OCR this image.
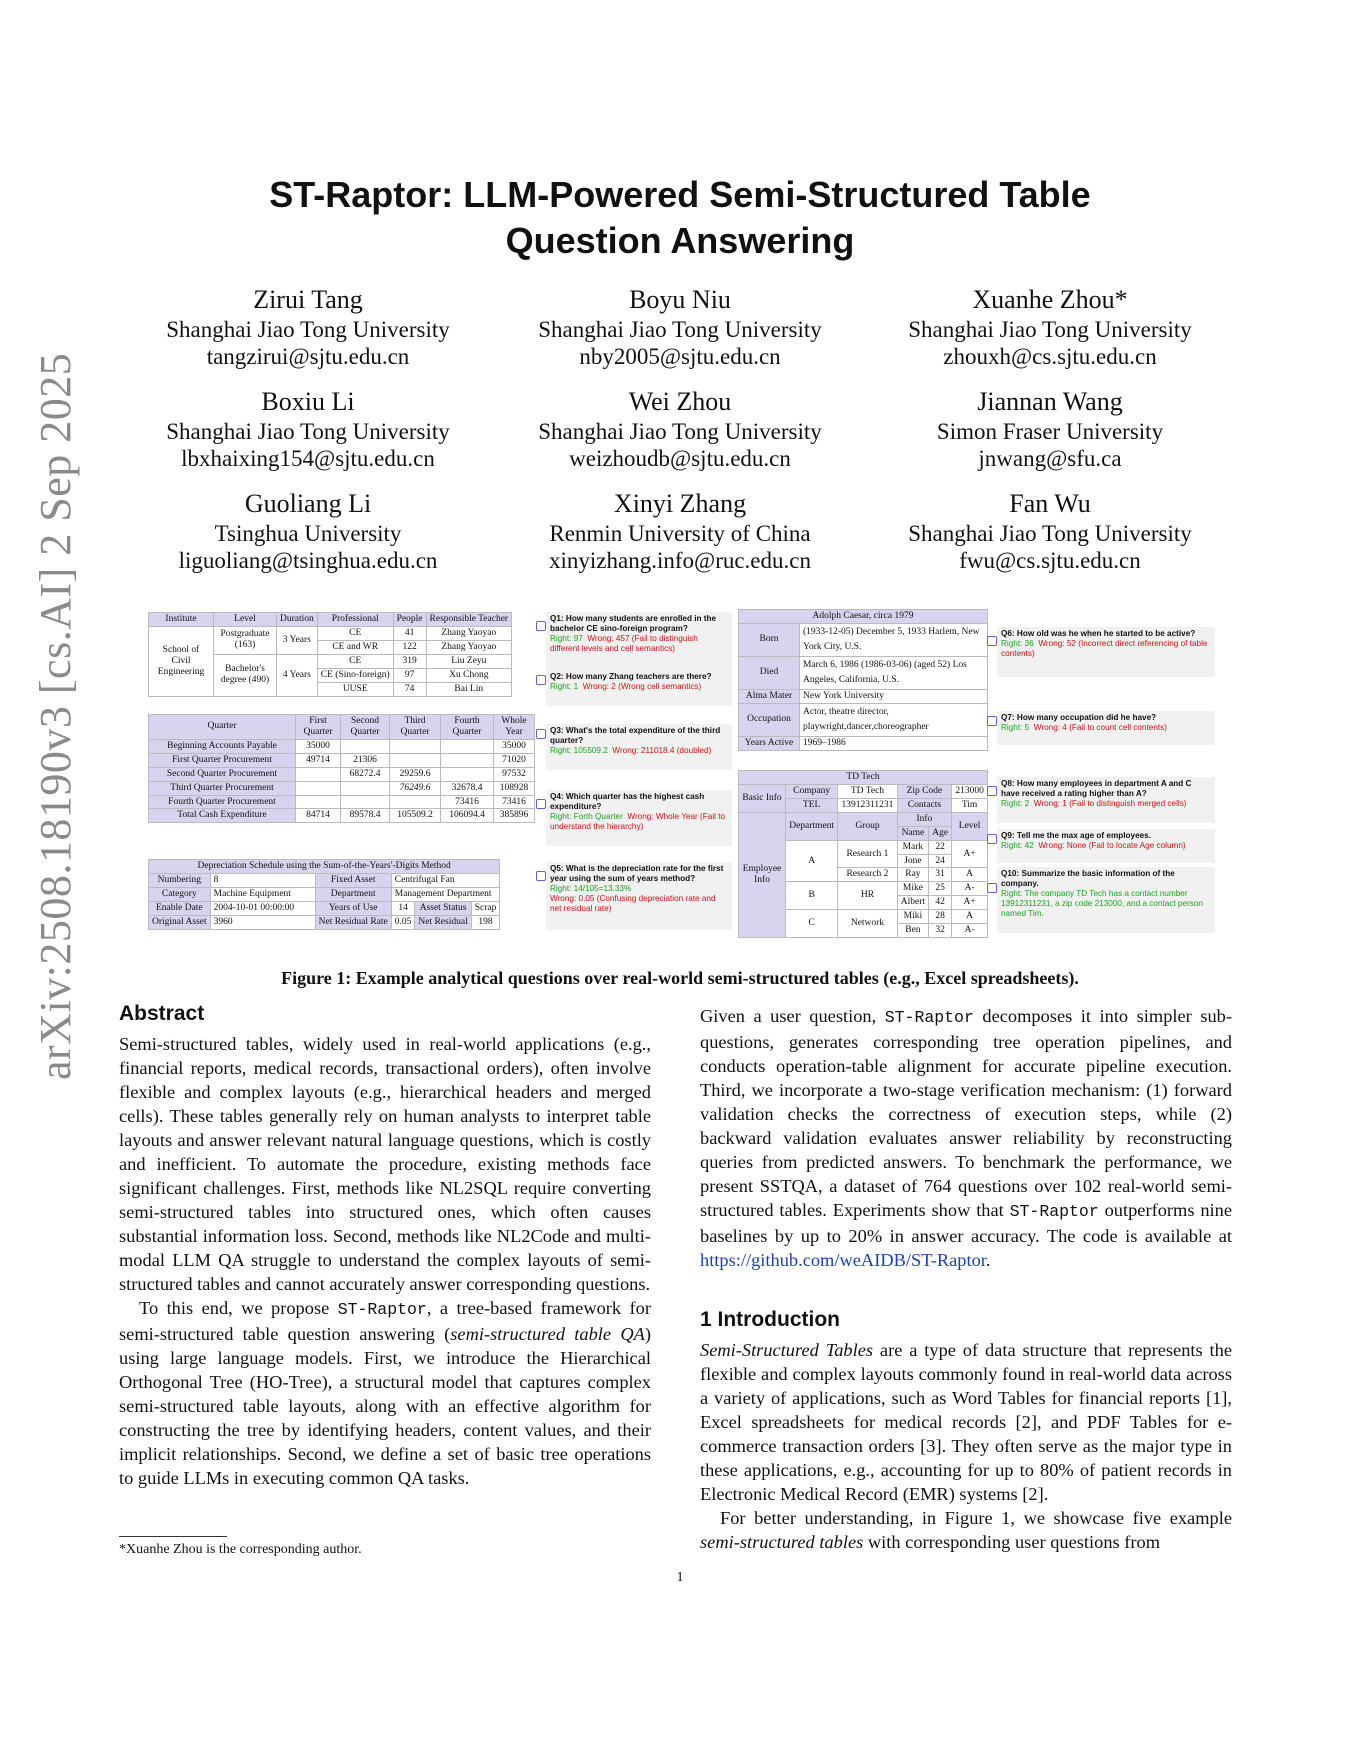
arXiv:2508.18190v3 [cs.AI] 2 Sep 2025
ST-Raptor: LLM-Powered Semi-Structured Table
Question Answering
Zirui Tang
Shanghai Jiao Tong University
tangzirui@sjtu.edu.cn
Boyu Niu
Shanghai Jiao Tong University
nby2005@sjtu.edu.cn
Xuanhe Zhou*
Shanghai Jiao Tong University
zhouxh@cs.sjtu.edu.cn
Boxiu Li
Shanghai Jiao Tong University
lbxhaixing154@sjtu.edu.cn
Wei Zhou
Shanghai Jiao Tong University
weizhoudb@sjtu.edu.cn
Jiannan Wang
Simon Fraser University
jnwang@sfu.ca
Guoliang Li
Tsinghua University
liguoliang@tsinghua.edu.cn
Xinyi Zhang
Renmin University of China
xinyizhang.info@ruc.edu.cn
Fan Wu
Shanghai Jiao Tong University
fwu@cs.sjtu.edu.cn
Institute	Level	Duration	Professional	People	Responsible Teacher
School of Civil Engineering	Postgraduate (163)	3 Years	CE	41	Zhang Yaoyao
			CE and WR	122	Zhang Yaoyao
	Bachelor's degree (490)	4 Years	CE	319	Liu Zeyu
			CE (Sino-foreign)	97	Xu Chong
			UUSE	74	Bai Lin
Quarter	First Quarter	Second Quarter	Third Quarter	Fourth Quarter	Whole Year
Beginning Accounts Payable	35000				35000
First Quarter Procurement	49714	21306			71020
Second Quarter Procurement		68272.4	29259.6		97532
Third Quarter Procurement			76249.6	32678.4	108928
Fourth Quarter Procurement				73416	73416
Total Cash Expenditure	84714	89578.4	105509.2	106094.4	385896
Depreciation Schedule using the Sum-of-the-Years'-Digits Method					
Numbering	8	Fixed Asset	Centrifugal Fan		
Category	Machine Equipment	Department	Management Department		
Enable Date	2004-10-01 00:00:00	Years of Use	14	Asset Status	Scrap
Original Asset	3960	Net Residual Rate	0.05	Net Residual	198
Adolph Caesar, circa 1979	
Born	(1933-12-05) December 5, 1933 Harlem, New York City, U.S.
Died	March 6, 1986 (1986-03-06) (aged 52) Los Angeles, California, U.S.
Alma Mater	New York University
Occupation	Actor, theatre director, playwright,dancer,choreographer
Years Active	1969–1986
TD Tech					
Basic Info	Company	TD Tech	Zip Code		213000
	TEL	13912311231	Contacts		Tim
Employee Info	Department	Group	Info		Level
			Name	Age	
	A	Research 1	Mark	22	A+
			Jone	24	
		Research 2	Ray	31	A
	B	HR	Mike	25	A-
			Albert	42	A+
	C	Network	Miki	28	A
			Ben	32	A-
Q1: How many students are enrolled in the bachelor CE sino-foreign program?
Right: 97 Wrong: 457 (Fail to distinguish different levels and cell semantics)
Q2: How many Zhang teachers are there?
Right: 1 Wrong: 2 (Wrong cell semantics)
Q3: What's the total expenditure of the third quarter?
Right: 105509.2 Wrong: 211018.4 (doubled)
Q4: Which quarter has the highest cash expenditure?
Right: Forth Quarter Wrong: Whole Year (Fail to understand the hierarchy)
Q5: What is the depreciation rate for the first year using the sum of years method?
Right: 14/105=13.33%
Wrong: 0.05 (Confusing depreciation rate and net residual rate)
Q6: How old was he when he started to be active?
Right: 36 Wrong: 52 (Incorrect direct referencing of table contents)
Q7: How many occupation did he have?
Right: 5 Wrong: 4 (Fail to count cell contents)
Q8: How many employees in department A and C have received a rating higher than A?
Right: 2 Wrong: 1 (Fail to distinguish merged cells)
Q9: Tell me the max age of employees.
Right: 42 Wrong: None (Fail to locate Age column)
Q10: Summarize the basic information of the company.
Right: The company TD Tech has a contact number 13912311231, a zip code 213000, and a contact person named Tim.
Figure 1: Example analytical questions over real-world semi-structured tables (e.g., Excel spreadsheets).
Abstract

Semi-structured tables, widely used in real-world applications (e.g., financial reports, medical records, transactional orders), often involve flexible and complex layouts (e.g., hierarchical headers and merged cells). These tables generally rely on human analysts to interpret table layouts and answer relevant natural language questions, which is costly and inefficient. To automate the procedure, existing methods face significant challenges. First, methods like NL2SQL require converting semi-structured tables into structured ones, which often causes substantial information loss. Second, methods like NL2Code and multi-modal LLM QA struggle to understand the complex layouts of semi-structured tables and cannot accurately answer corresponding questions.

To this end, we propose ST-Raptor, a tree-based framework for semi-structured table question answering (semi-structured table QA) using large language models. First, we introduce the Hierarchical Orthogonal Tree (HO-Tree), a structural model that captures complex semi-structured table layouts, along with an effective algorithm for constructing the tree by identifying headers, content values, and their implicit relationships. Second, we define a set of basic tree operations to guide LLMs in executing common QA tasks.

*Xuanhe Zhou is the corresponding author.

Given a user question, ST-Raptor decomposes it into simpler sub-questions, generates corresponding tree operation pipelines, and conducts operation-table alignment for accurate pipeline execution. Third, we incorporate a two-stage verification mechanism: (1) forward validation checks the correctness of execution steps, while (2) backward validation evaluates answer reliability by reconstructing queries from predicted answers. To benchmark the performance, we present SSTQA, a dataset of 764 questions over 102 real-world semi-structured tables. Experiments show that ST-Raptor outperforms nine baselines by up to 20% in answer accuracy. The code is available at https://github.com/weAIDB/ST-Raptor.

1 Introduction

Semi-Structured Tables are a type of data structure that represents the flexible and complex layouts commonly found in real-world data across a variety of applications, such as Word Tables for financial reports [1], Excel spreadsheets for medical records [2], and PDF Tables for e-commerce transaction orders [3]. They often serve as the major type in these applications, e.g., accounting for up to 80% of patient records in Electronic Medical Record (EMR) systems [2].

For better understanding, in Figure 1, we showcase five example semi-structured tables with corresponding user questions from

1
